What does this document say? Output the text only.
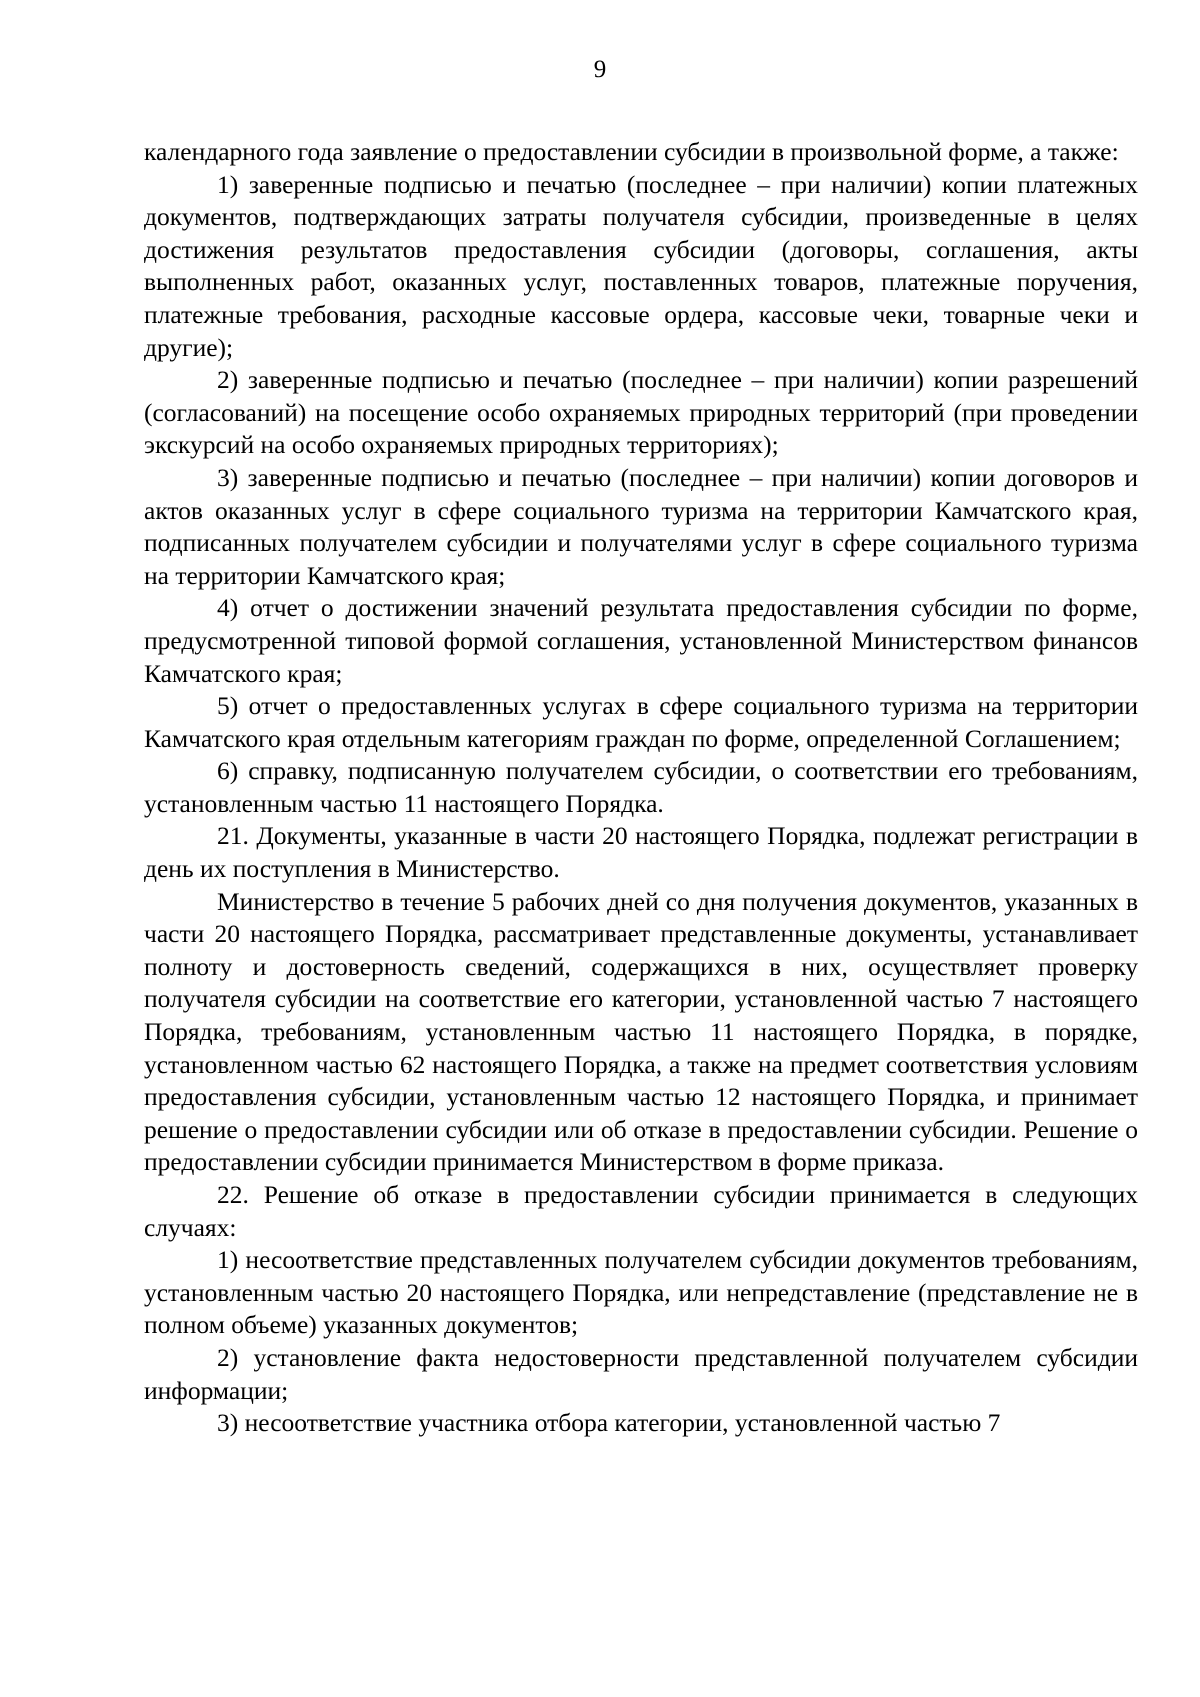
9

календарного года заявление о предоставлении субсидии в произвольной форме, а также:

1) заверенные подписью и печатью (последнее – при наличии) копии платежных документов, подтверждающих затраты получателя субсидии, произведенные в целях достижения результатов предоставления субсидии (договоры, соглашения, акты выполненных работ, оказанных услуг, поставленных товаров, платежные поручения, платежные требования, расходные кассовые ордера, кассовые чеки, товарные чеки и другие);

2) заверенные подписью и печатью (последнее – при наличии) копии разрешений (согласований) на посещение особо охраняемых природных территорий (при проведении экскурсий на особо охраняемых природных территориях);

3) заверенные подписью и печатью (последнее – при наличии) копии договоров и актов оказанных услуг в сфере социального туризма на территории Камчатского края, подписанных получателем субсидии и получателями услуг в сфере социального туризма на территории Камчатского края;

4) отчет о достижении значений результата предоставления субсидии по форме, предусмотренной типовой формой соглашения, установленной Министерством финансов Камчатского края;

5) отчет о предоставленных услугах в сфере социального туризма на территории Камчатского края отдельным категориям граждан по форме, определенной Соглашением;

6) справку, подписанную получателем субсидии, о соответствии его требованиям, установленным частью 11 настоящего Порядка.

21. Документы, указанные в части 20 настоящего Порядка, подлежат регистрации в день их поступления в Министерство.

Министерство в течение 5 рабочих дней со дня получения документов, указанных в части 20 настоящего Порядка, рассматривает представленные документы, устанавливает полноту и достоверность сведений, содержащихся в них, осуществляет проверку получателя субсидии на соответствие его категории, установленной частью 7 настоящего Порядка, требованиям, установленным частью 11 настоящего Порядка, в порядке, установленном частью 62 настоящего Порядка, а также на предмет соответствия условиям предоставления субсидии, установленным частью 12 настоящего Порядка, и принимает решение о предоставлении субсидии или об отказе в предоставлении субсидии. Решение о предоставлении субсидии принимается Министерством в форме приказа.

22. Решение об отказе в предоставлении субсидии принимается в следующих случаях:

1) несоответствие представленных получателем субсидии документов требованиям, установленным частью 20 настоящего Порядка, или непредставление (представление не в полном объеме) указанных документов;

2) установление факта недостоверности представленной получателем субсидии информации;

3) несоответствие участника отбора категории, установленной частью 7
